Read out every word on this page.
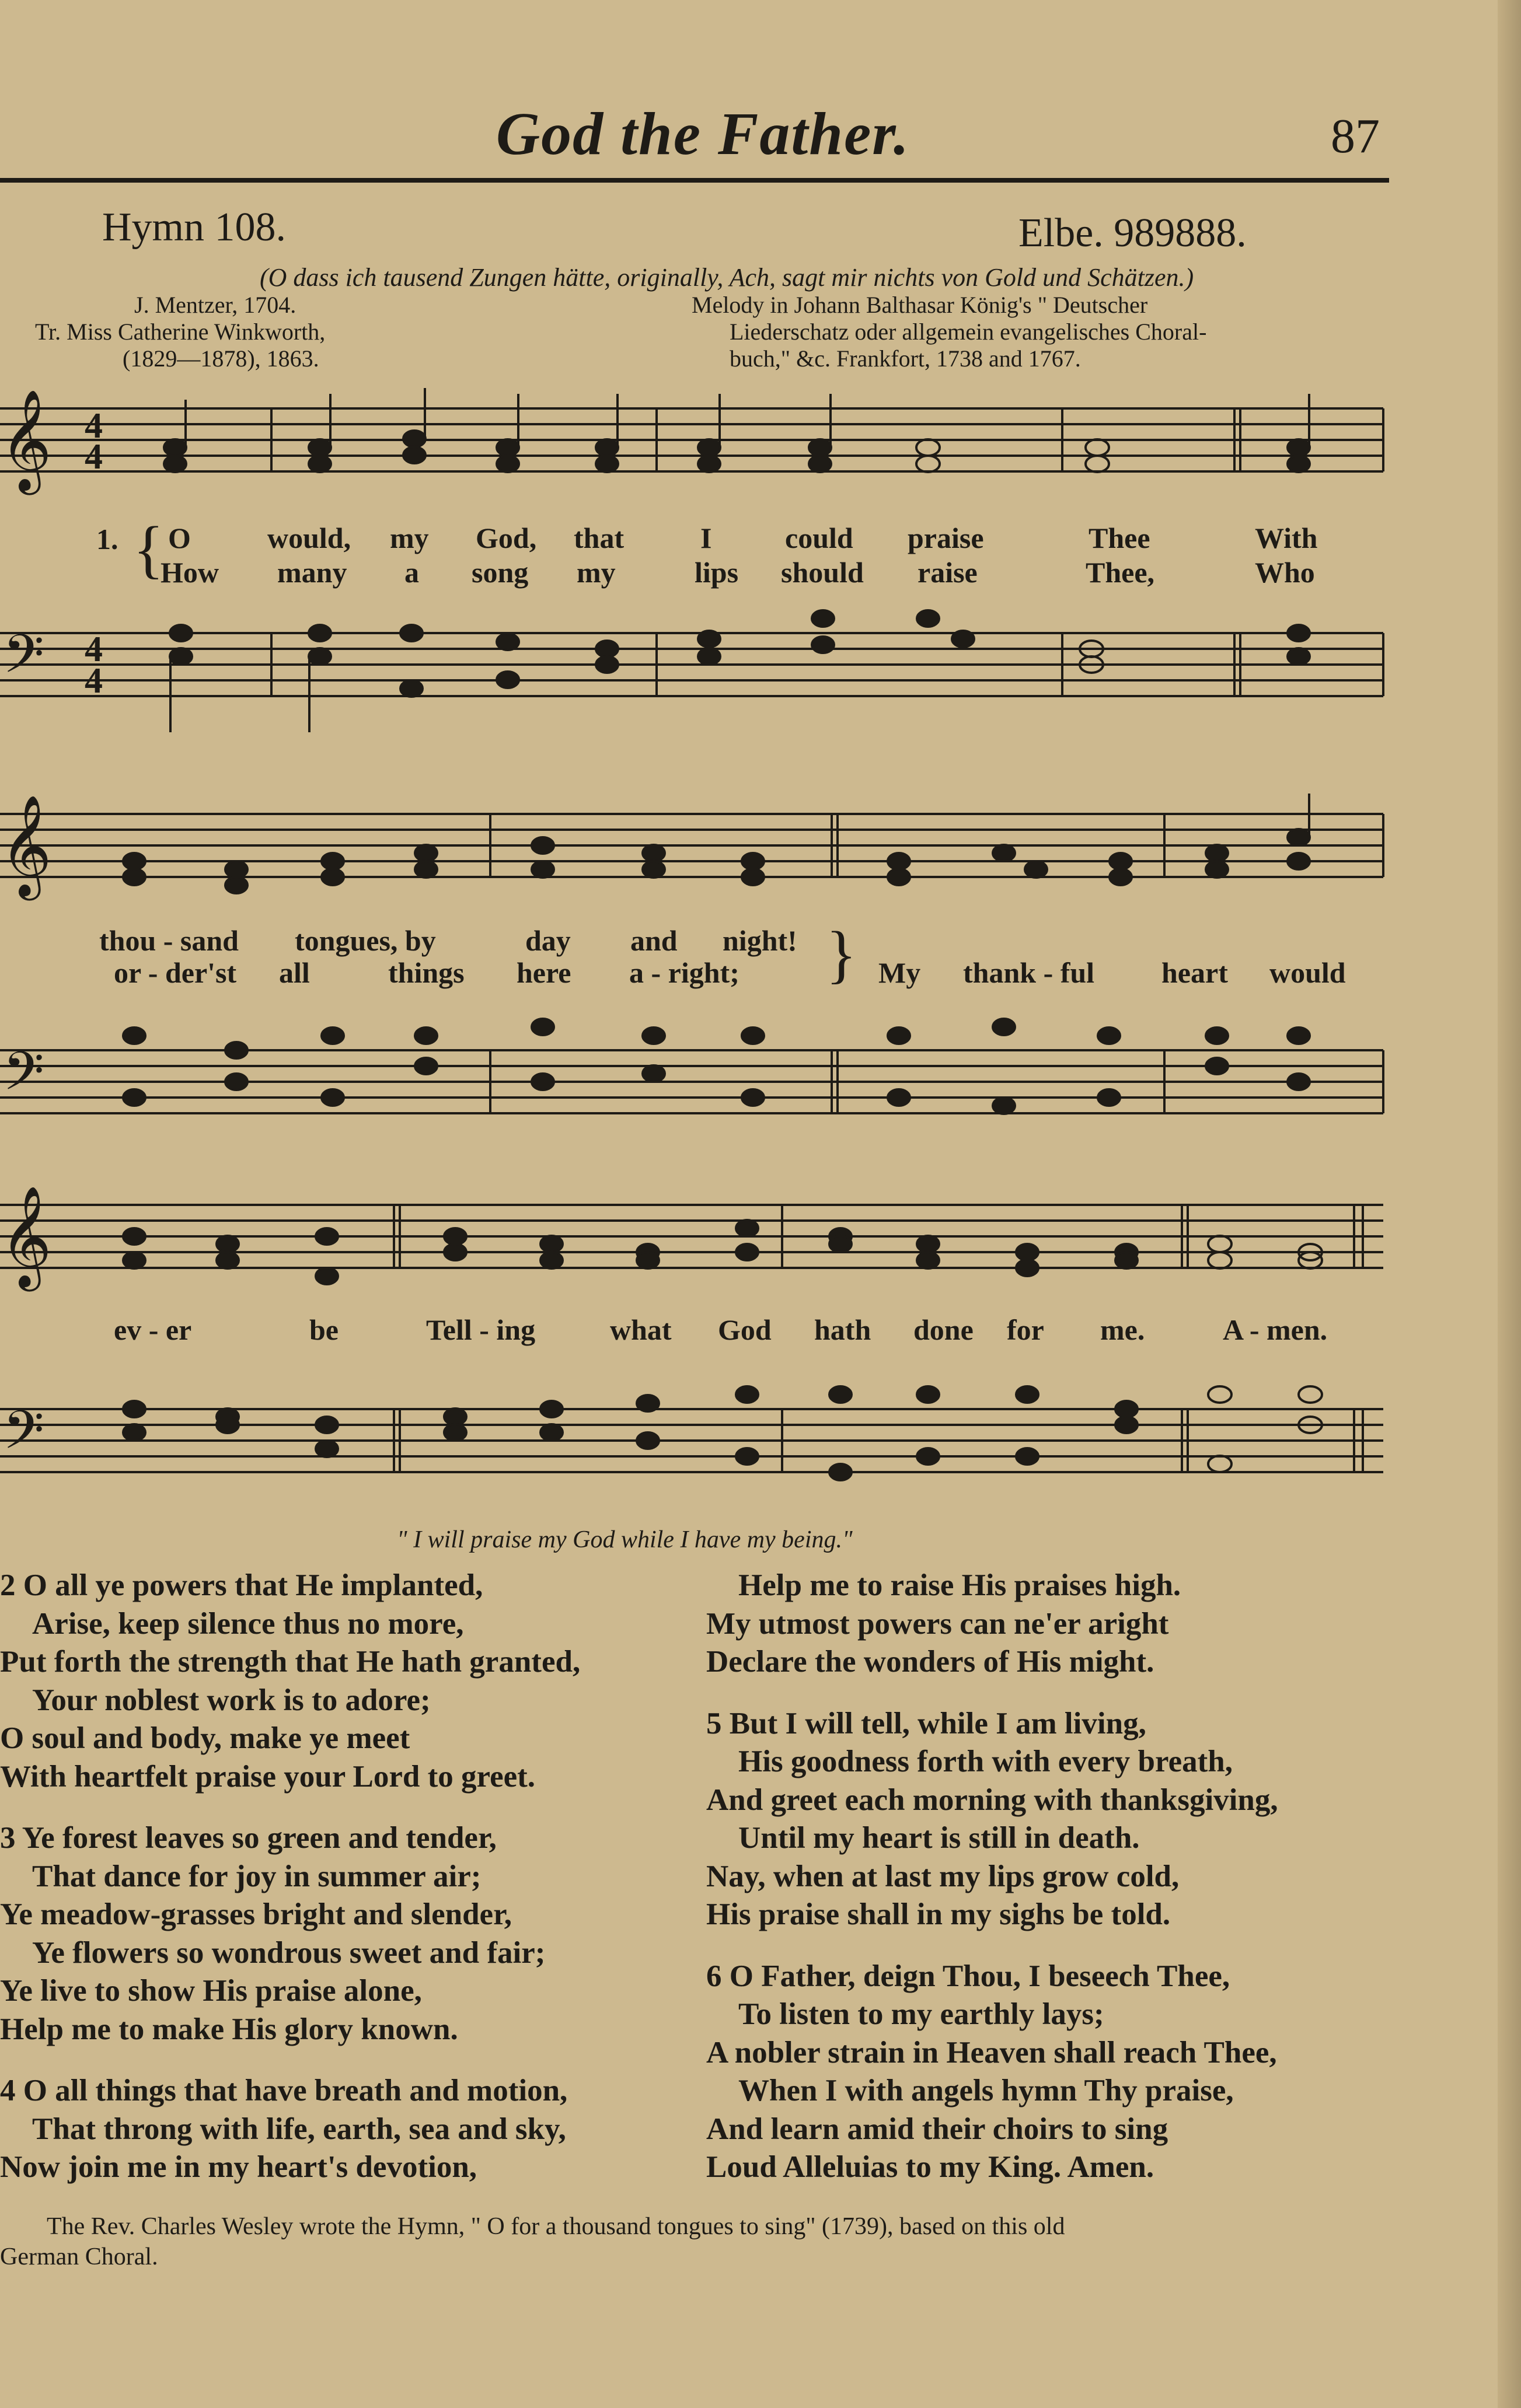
God the Father.	87
Hymn 108.	Elbe. 989888.
(O dass ich tausend Zungen hätte, originally, Ach, sagt mir nichts von Gold und Schätzen.)
J. Mentzer, 1704.
Tr. Miss Catherine Winkworth,
(1829—1878), 1863.
Melody in Johann Balthasar König's " Deutscher
Liederschatz oder allgemein evangelisches Choral-
buch," &c. Frankfort, 1738 and 1767.
𝄞 4
4
𝄢 4
4
1. { O	would, my God, that	I	could praise	Thee	With
How many a song my	lips should raise	Thee,	Who
𝄞
𝄢
thou - sand tongues, by	day and night! }
or - der'st all	things here a - right;	My thank - ful heart would
𝄞
𝄢
ev - er	be	Tell - ing	what God hath done for me.	A - men.
" I will praise my God while I have my being."
2 O all ye powers that He implanted,
Arise, keep silence thus no more,
Put forth the strength that He hath granted,
Your noblest work is to adore;
O soul and body, make ye meet
With heartfelt praise your Lord to greet.
3 Ye forest leaves so green and tender,
That dance for joy in summer air;
Ye meadow-grasses bright and slender,
Ye flowers so wondrous sweet and fair;
Ye live to show His praise alone,
Help me to make His glory known.
4 O all things that have breath and motion,
That throng with life, earth, sea and sky,
Now join me in my heart's devotion,
Help me to raise His praises high.
My utmost powers can ne'er aright
Declare the wonders of His might.
5 But I will tell, while I am living,
His goodness forth with every breath,
And greet each morning with thanksgiving,
Until my heart is still in death.
Nay, when at last my lips grow cold,
His praise shall in my sighs be told.
6 O Father, deign Thou, I beseech Thee,
To listen to my earthly lays;
A nobler strain in Heaven shall reach Thee,
When I with angels hymn Thy praise,
And learn amid their choirs to sing
Loud Alleluias to my King. Amen.
The Rev. Charles Wesley wrote the Hymn, " O for a thousand tongues to sing" (1739), based on this old
German Choral.
